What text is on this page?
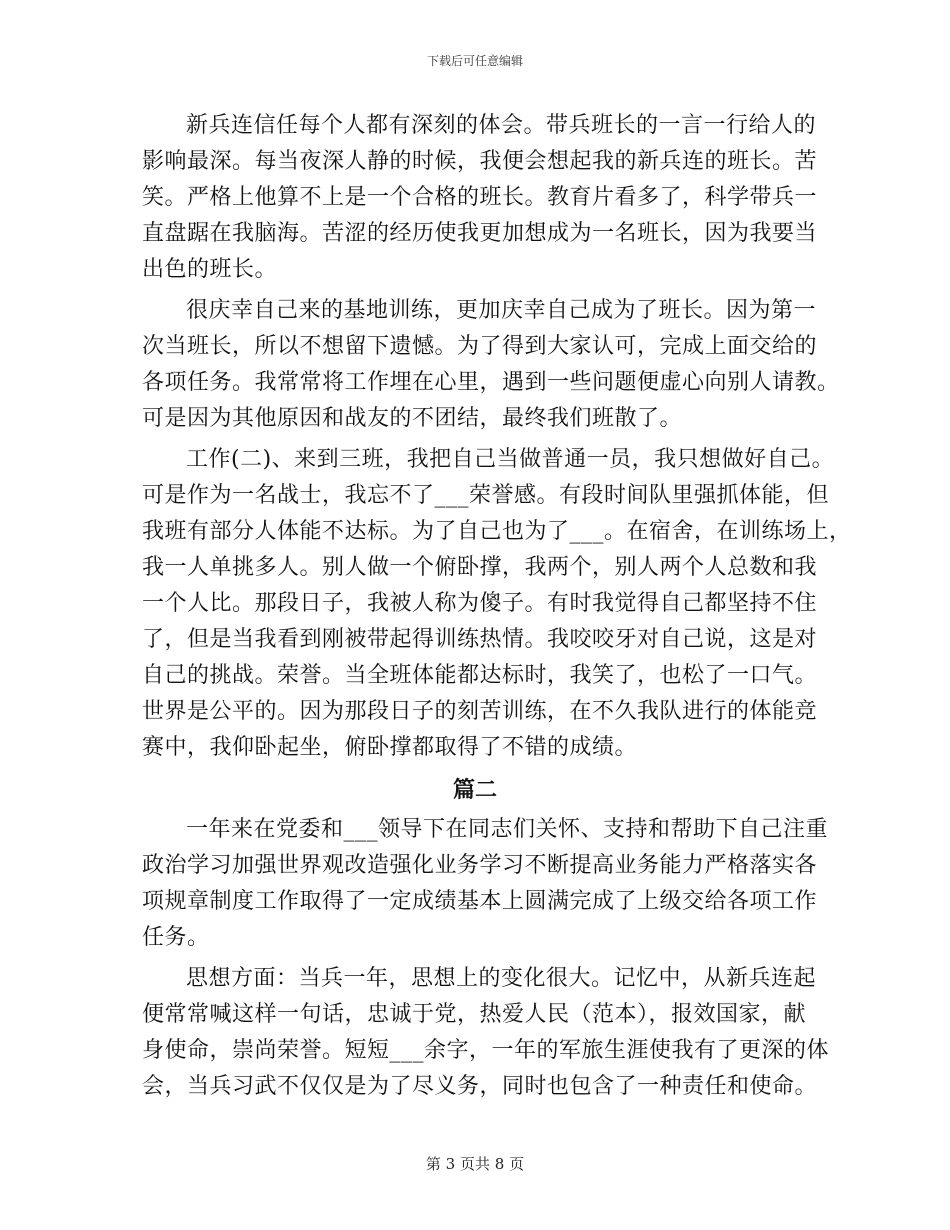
下载后可任意编辑
新兵连信任每个人都有深刻的体会。带兵班长的一言一行给人的
影响最深。每当夜深人静的时候，我便会想起我的新兵连的班长。苦
笑。严格上他算不上是一个合格的班长。教育片看多了，科学带兵一
直盘踞在我脑海。苦涩的经历使我更加想成为一名班长，因为我要当
出色的班长。
很庆幸自己来的基地训练，更加庆幸自己成为了班长。因为第一
次当班长，所以不想留下遗憾。为了得到大家认可，完成上面交给的
各项任务。我常常将工作埋在心里，遇到一些问题便虚心向别人请教。
可是因为其他原因和战友的不团结，最终我们班散了。
工作(二)、来到三班，我把自己当做普通一员，我只想做好自己。
可是作为一名战士，我忘不了___荣誉感。有段时间队里强抓体能，但
我班有部分人体能不达标。为了自己也为了___。在宿舍，在训练场上，
我一人单挑多人。别人做一个俯卧撑，我两个，别人两个人总数和我
一个人比。那段日子，我被人称为傻子。有时我觉得自己都坚持不住
了，但是当我看到刚被带起得训练热情。我咬咬牙对自己说，这是对
自己的挑战。荣誉。当全班体能都达标时，我笑了，也松了一口气。
世界是公平的。因为那段日子的刻苦训练，在不久我队进行的体能竞
赛中，我仰卧起坐，俯卧撑都取得了不错的成绩。
篇二
一年来在党委和___领导下在同志们关怀、支持和帮助下自己注重
政治学习加强世界观改造强化业务学习不断提高业务能力严格落实各
项规章制度工作取得了一定成绩基本上圆满完成了上级交给各项工作
任务。
思想方面：当兵一年，思想上的变化很大。记忆中，从新兵连起
便常常喊这样一句话，忠诚于党，热爱人民（范本），报效国家，献
身使命，崇尚荣誉。短短___余字，一年的军旅生涯使我有了更深的体
会，当兵习武不仅仅是为了尽义务，同时也包含了一种责任和使命。
第 3 页共 8 页
